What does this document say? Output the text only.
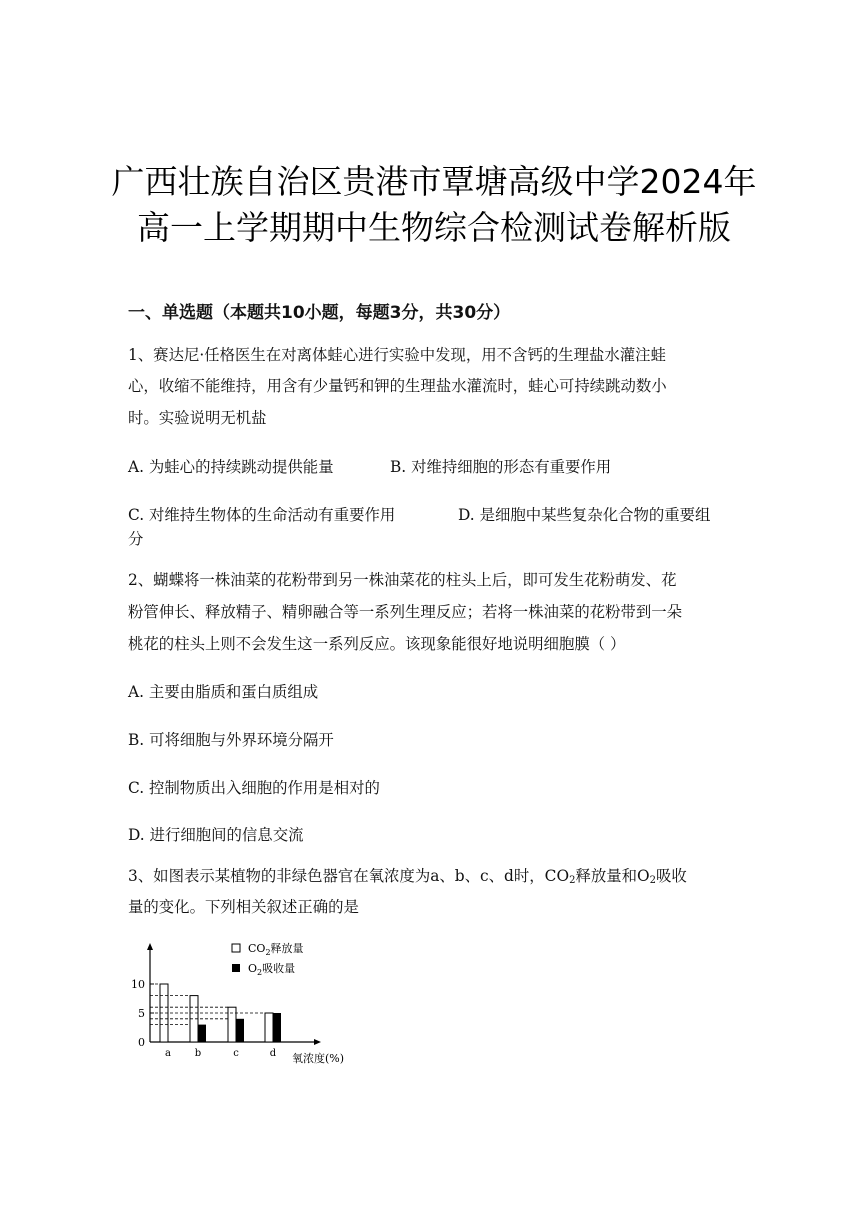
广西壮族自治区贵港市覃塘高级中学2024年
高一上学期期中生物综合检测试卷解析版
一、单选题（本题共10小题，每题3分，共30分）
1、赛达尼·任格医生在对离体蛙心进行实验中发现，用不含钙的生理盐水灌注蛙
心，收缩不能维持，用含有少量钙和钾的生理盐水灌流时，蛙心可持续跳动数小
时。实验说明无机盐
A. 为蛙心的持续跳动提供能量	B. 对维持细胞的形态有重要作用
C. 对维持生物体的生命活动有重要作用	D. 是细胞中某些复杂化合物的重要组
分
2、蝴蝶将一株油菜的花粉带到另一株油菜花的柱头上后，即可发生花粉萌发、花
粉管伸长、释放精子、精卵融合等一系列生理反应；若将一株油菜的花粉带到一朵
桃花的柱头上则不会发生这一系列反应。该现象能很好地说明细胞膜（ ）
A. 主要由脂质和蛋白质组成
B. 可将细胞与外界环境分隔开
C. 控制物质出入细胞的作用是相对的
D. 进行细胞间的信息交流
3、如图表示某植物的非绿色器官在氧浓度为a、b、c、d时，$CO_2$释放量和$O_2$吸收
量的变化。下列相关叙述正确的是
0
5
10
a b	c	d 氧浓度(%)
$CO_2$释放量
$O_2$吸收量
